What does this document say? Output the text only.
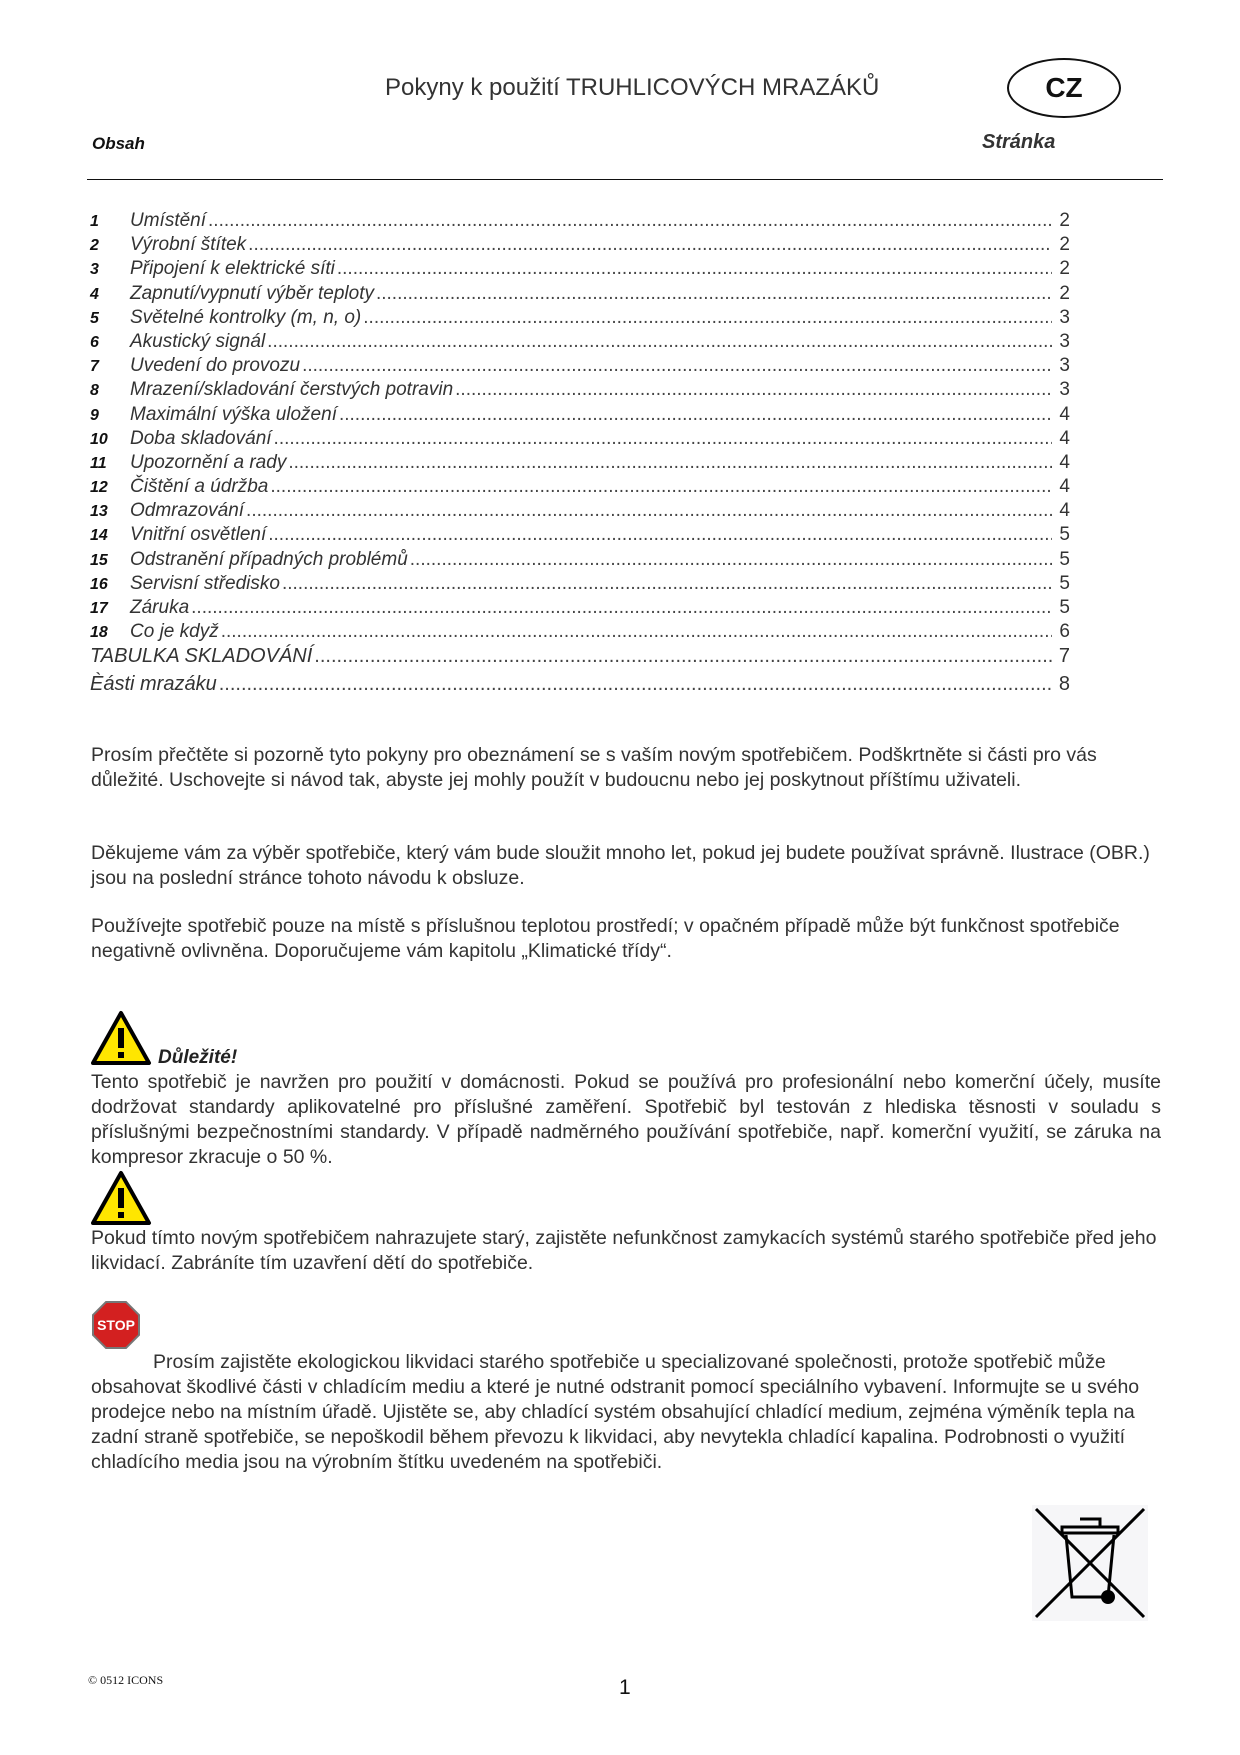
Pokyny k použití TRUHLICOVÝCH MRAZÁKŮ	CZ
Obsah	Stránka
1	Umístění .....	2
2	Výrobní štítek .....	2
3	Připojení k elektrické síti .....	2
4	Zapnutí/vypnutí výběr teploty .....	2
5	Světelné kontrolky (m, n, o) .....	3
6	Akustický signál .....	3
7	Uvedení do provozu .....	3
8	Mrazení/skladování čerstvých potravin .....	3
9	Maximální výška uložení .....	4
10	Doba skladování .....	4
11	Upozornění a rady .....	4
12	Čištění a údržba .....	4
13	Odmrazování .....	4
14	Vnitřní osvětlení .....	5
15	Odstranění případných problémů .....	5
16	Servisní středisko .....	5
17	Záruka .....	5
18	Co je když .....	6
TABULKA SKLADOVÁNÍ .....	7
Èásti mrazáku .....	8
Prosím přečtěte si pozorně tyto pokyny pro obeznámení se s vaším novým spotřebičem. Podškrtněte si části pro vás důležité. Uschovejte si návod tak, abyste jej mohly použít v budoucnu nebo jej poskytnout příštímu uživateli.
Děkujeme vám za výběr spotřebiče, který vám bude sloužit mnoho let, pokud jej budete používat správně. Ilustrace (OBR.) jsou na poslední stránce tohoto návodu k obsluze.
Používejte spotřebič pouze na místě s příslušnou teplotou prostředí; v opačném případě může být funkčnost spotřebiče negativně ovlivněna. Doporučujeme vám kapitolu „Klimatické třídy“.
Důležité!
Tento spotřebič je navržen pro použití v domácnosti. Pokud se používá pro profesionální nebo komerční účely, musíte dodržovat standardy aplikovatelné pro příslušné zaměření. Spotřebič byl testován z hlediska těsnosti v souladu s příslušnými bezpečnostními standardy. V případě nadměrného používání spotřebiče, např. komerční využití, se záruka na kompresor zkracuje o 50 %.
Pokud tímto novým spotřebičem nahrazujete starý, zajistěte nefunkčnost zamykacích systémů starého spotřebiče před jeho likvidací. Zabráníte tím uzavření dětí do spotřebiče.
STOP
Prosím zajistěte ekologickou likvidaci starého spotřebiče u specializované společnosti, protože spotřebič může obsahovat škodlivé části v chladícím mediu a které je nutné odstranit pomocí speciálního vybavení. Informujte se u svého prodejce nebo na místním úřadě. Ujistěte se, aby chladící systém obsahující chladící medium, zejména výměník tepla na zadní straně spotřebiče, se nepoškodil během převozu k likvidaci, aby nevytekla chladící kapalina. Podrobnosti o využití chladícího media jsou na výrobním štítku uvedeném na spotřebiči.
© 0512 ICONS	1
